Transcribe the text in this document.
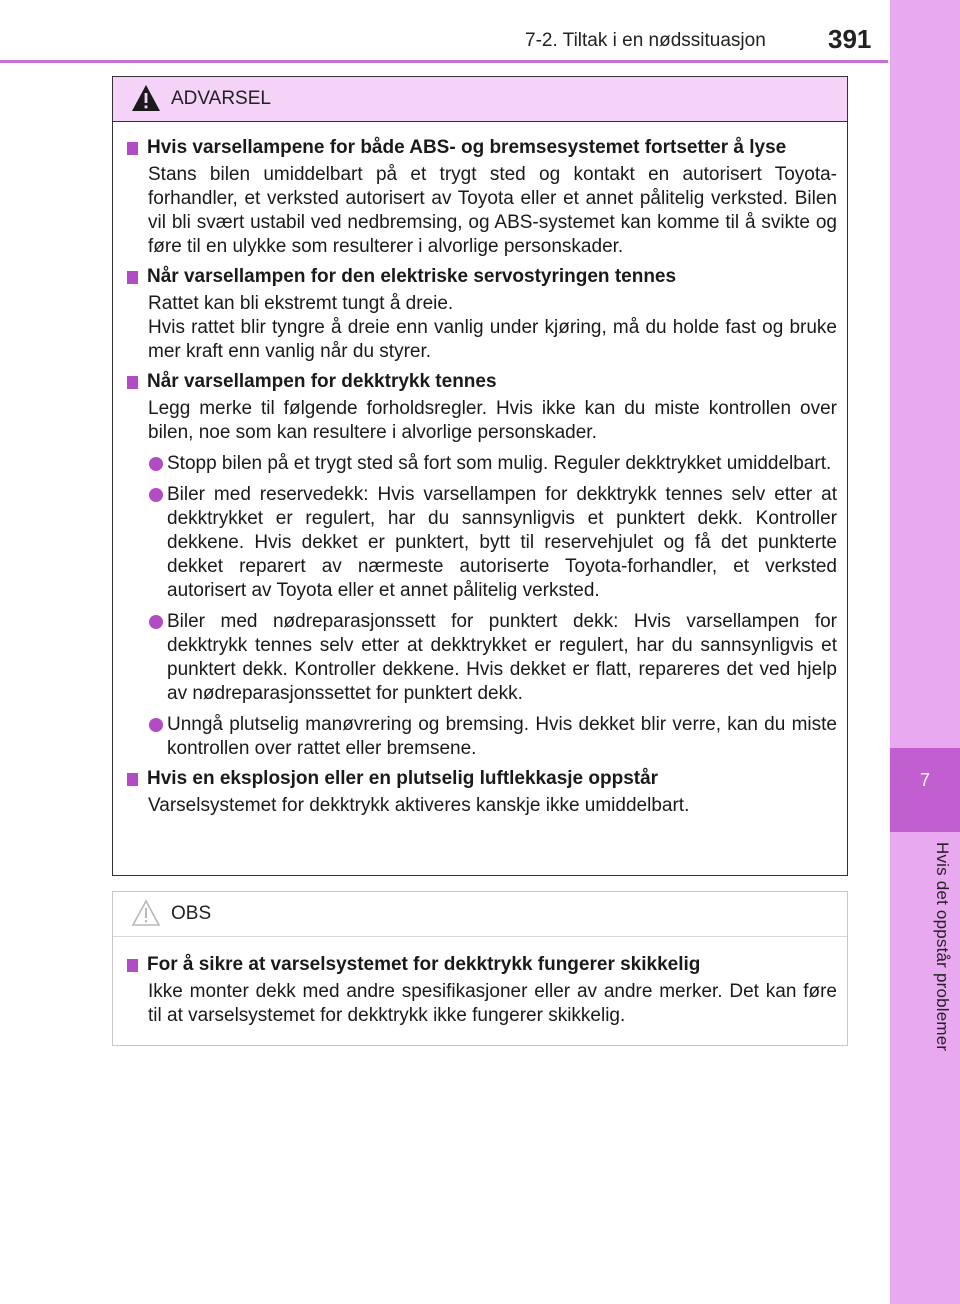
7-2. Tiltak i en nødssituasjon 391
7
Hvis det oppstår problemer
ADVARSEL
Hvis varsellampene for både ABS- og bremsesystemet fortsetter å lyse
Stans bilen umiddelbart på et trygt sted og kontakt en autorisert Toyota-forhandler, et verksted autorisert av Toyota eller et annet pålitelig verksted. Bilen vil bli svært ustabil ved nedbremsing, og ABS-systemet kan komme til å svikte og føre til en ulykke som resulterer i alvorlige personskader.
Når varsellampen for den elektriske servostyringen tennes
Rattet kan bli ekstremt tungt å dreie.
Hvis rattet blir tyngre å dreie enn vanlig under kjøring, må du holde fast og bruke mer kraft enn vanlig når du styrer.
Når varsellampen for dekktrykk tennes
Legg merke til følgende forholdsregler. Hvis ikke kan du miste kontrollen over bilen, noe som kan resultere i alvorlige personskader.
Stopp bilen på et trygt sted så fort som mulig. Reguler dekktrykket umiddelbart.
Biler med reservedekk: Hvis varsellampen for dekktrykk tennes selv etter at dekktrykket er regulert, har du sannsynligvis et punktert dekk. Kontroller dekkene. Hvis dekket er punktert, bytt til reservehjulet og få det punkterte dekket reparert av nærmeste autoriserte Toyota-forhandler, et verksted autorisert av Toyota eller et annet pålitelig verksted.
Biler med nødreparasjonssett for punktert dekk: Hvis varsellampen for dekktrykk tennes selv etter at dekktrykket er regulert, har du sannsynligvis et punktert dekk. Kontroller dekkene. Hvis dekket er flatt, repareres det ved hjelp av nødreparasjonssettet for punktert dekk.
Unngå plutselig manøvrering og bremsing. Hvis dekket blir verre, kan du miste kontrollen over rattet eller bremsene.
Hvis en eksplosjon eller en plutselig luftlekkasje oppstår
Varselsystemet for dekktrykk aktiveres kanskje ikke umiddelbart.
OBS
For å sikre at varselsystemet for dekktrykk fungerer skikkelig
Ikke monter dekk med andre spesifikasjoner eller av andre merker. Det kan føre til at varselsystemet for dekktrykk ikke fungerer skikkelig.
